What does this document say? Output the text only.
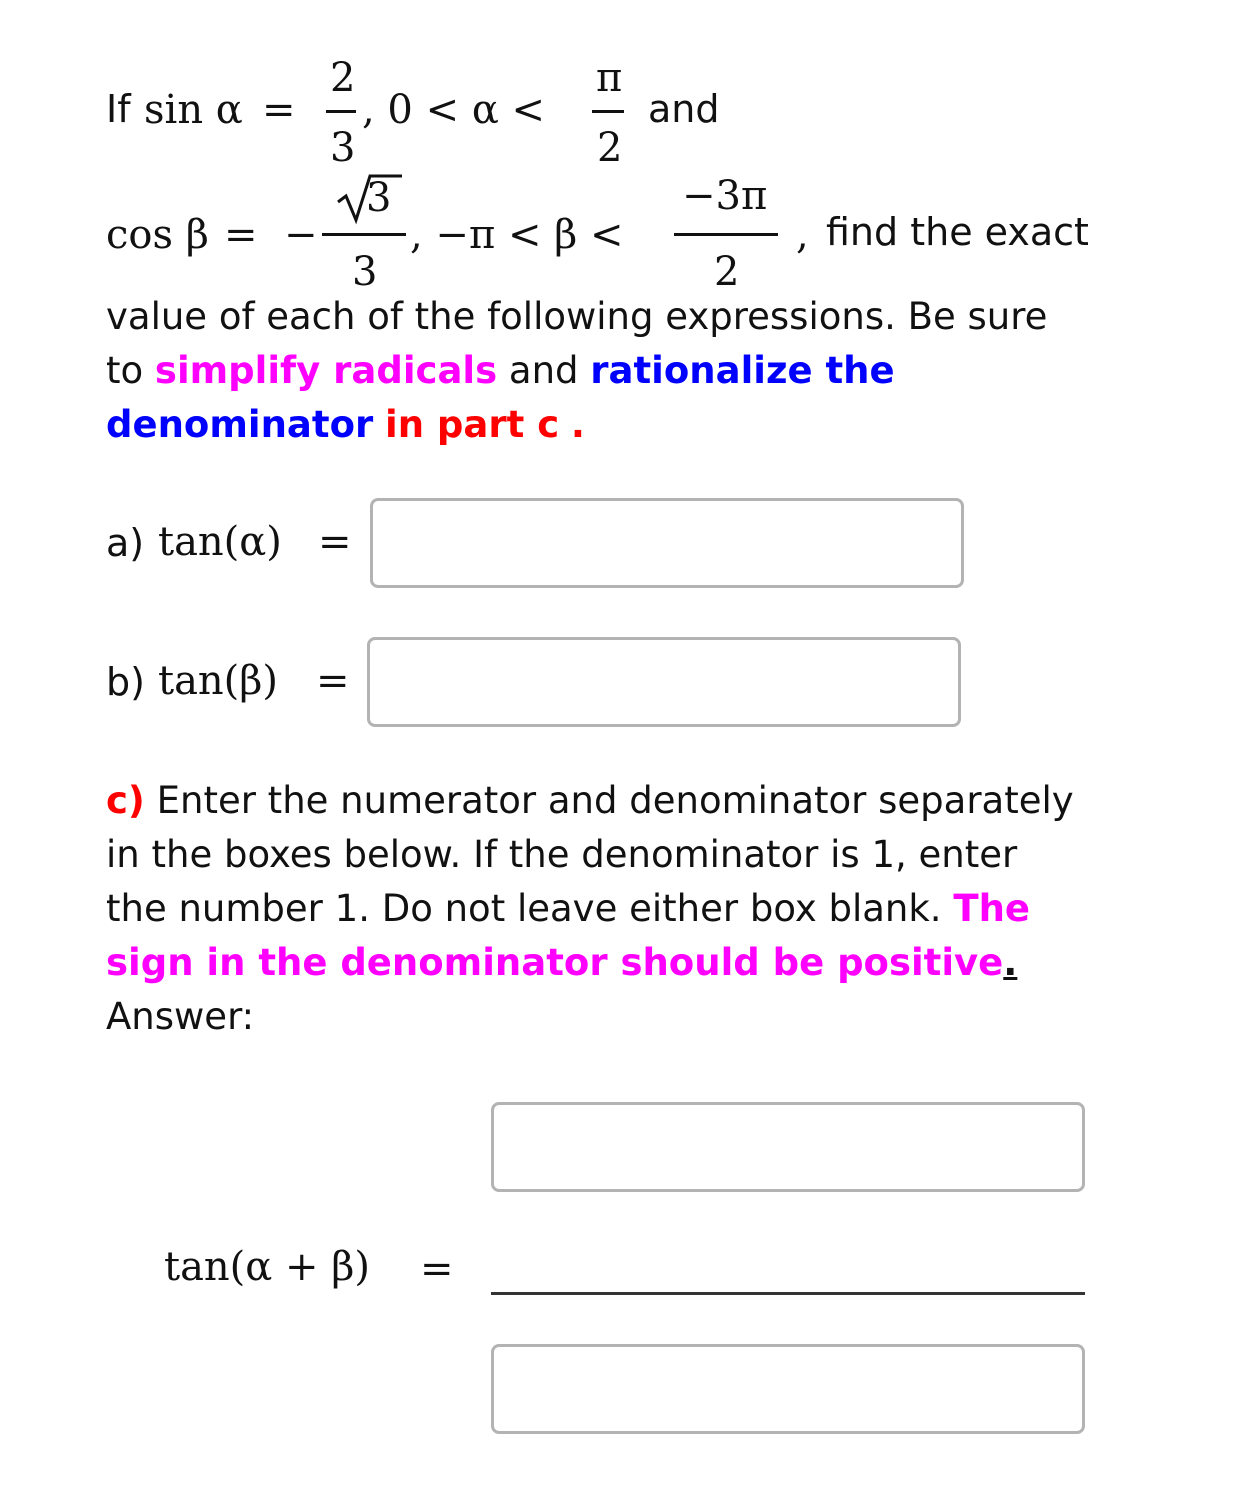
If sin α =
2
3
, 0 < α <
π
2
and
cos β = −
3
3
, −π < β <
−3π
2
, find the exact
value of each of the following expressions. Be sure
to simplify radicals and rationalize the
denominator in part c .
a) tan(α) =
b) tan(β) =
c) Enter the numerator and denominator separately
in the boxes below. If the denominator is 1, enter
the number 1. Do not leave either box blank. The
sign in the denominator should be positive.
Answer:
tan(α + β) =
